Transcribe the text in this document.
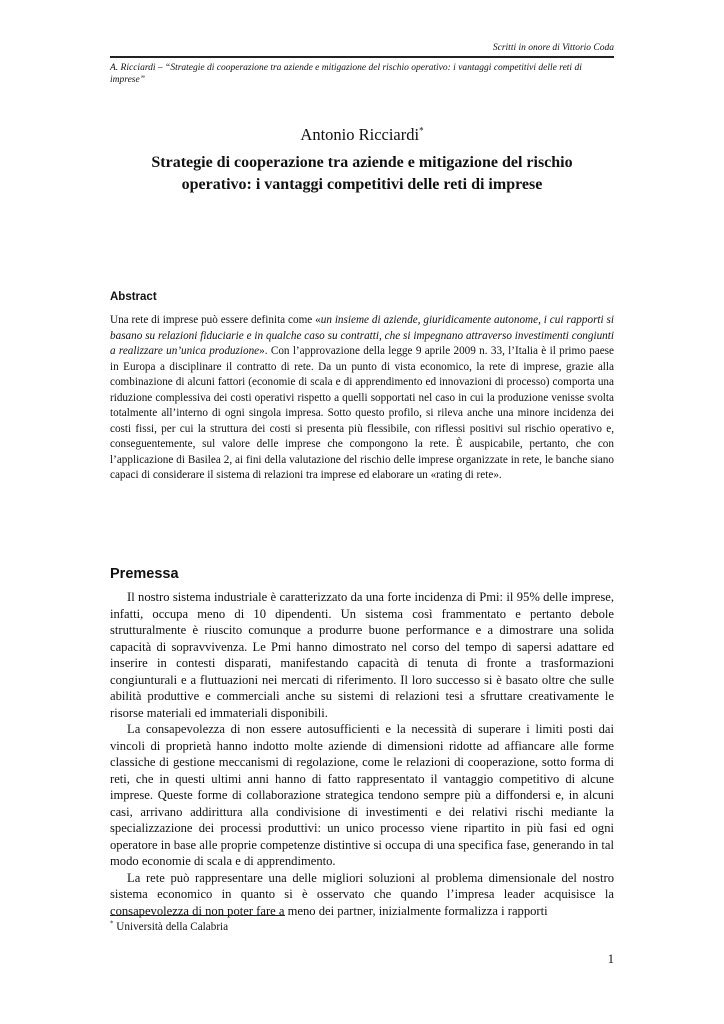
Scritti in onore di Vittorio Coda
A. Ricciardi – “Strategie di cooperazione tra aziende e mitigazione del rischio operativo: i vantaggi competitivi delle reti di imprese”
Antonio Ricciardi*
Strategie di cooperazione tra aziende e mitigazione del rischio operativo: i vantaggi competitivi delle reti di imprese
Abstract
Una rete di imprese può essere definita come «un insieme di aziende, giuridicamente autonome, i cui rapporti si basano su relazioni fiduciarie e in qualche caso su contratti, che si impegnano attraverso investimenti congiunti a realizzare un’unica produzione». Con l’approvazione della legge 9 aprile 2009 n. 33, l’Italia è il primo paese in Europa a disciplinare il contratto di rete. Da un punto di vista economico, la rete di imprese, grazie alla combinazione di alcuni fattori (economie di scala e di apprendimento ed innovazioni di processo) comporta una riduzione complessiva dei costi operativi rispetto a quelli sopportati nel caso in cui la produzione venisse svolta totalmente all’interno di ogni singola impresa. Sotto questo profilo, si rileva anche una minore incidenza dei costi fissi, per cui la struttura dei costi si presenta più flessibile, con riflessi positivi sul rischio operativo e, conseguentemente, sul valore delle imprese che compongono la rete. È auspicabile, pertanto, che con l’applicazione di Basilea 2, ai fini della valutazione del rischio delle imprese organizzate in rete, le banche siano capaci di considerare il sistema di relazioni tra imprese ed elaborare un «rating di rete».
Premessa

Il nostro sistema industriale è caratterizzato da una forte incidenza di Pmi: il 95% delle imprese, infatti, occupa meno di 10 dipendenti. Un sistema così frammentato e pertanto debole strutturalmente è riuscito comunque a produrre buone performance e a dimostrare una solida capacità di sopravvivenza. Le Pmi hanno dimostrato nel corso del tempo di sapersi adattare ed inserire in contesti disparati, manifestando capacità di tenuta di fronte a trasformazioni congiunturali e a fluttuazioni nei mercati di riferimento. Il loro successo si è basato oltre che sulle abilità produttive e commerciali anche su sistemi di relazioni tesi a sfruttare creativamente le risorse materiali ed immateriali disponibili.

La consapevolezza di non essere autosufficienti e la necessità di superare i limiti posti dai vincoli di proprietà hanno indotto molte aziende di dimensioni ridotte ad affiancare alle forme classiche di gestione meccanismi di regolazione, come le relazioni di cooperazione, sotto forma di reti, che in questi ultimi anni hanno di fatto rappresentato il vantaggio competitivo di alcune imprese. Queste forme di collaborazione strategica tendono sempre più a diffondersi e, in alcuni casi, arrivano addirittura alla condivisione di investimenti e dei relativi rischi mediante la specializzazione dei processi produttivi: un unico processo viene ripartito in più fasi ed ogni operatore in base alle proprie competenze distintive si occupa di una specifica fase, generando in tal modo economie di scala e di apprendimento.

La rete può rappresentare una delle migliori soluzioni al problema dimensionale del nostro sistema economico in quanto si è osservato che quando l’impresa leader acquisisce la consapevolezza di non poter fare a meno dei partner, inizialmente formalizza i rapporti

* Università della Calabria
1
